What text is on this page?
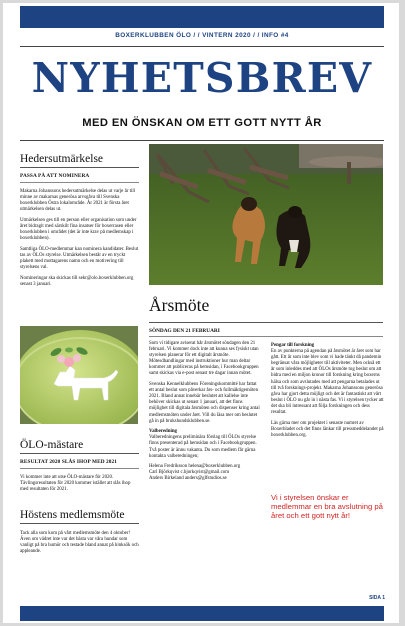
BOXERKLUBBEN ÖLO / / VINTERN 2020 / / INFO #4
NYHETSBREV
MED EN ÖNSKAN OM ETT GOTT NYTT ÅR
Hedersutmärkelse
PASSA PÅ ATT NOMINERA

Makarna Johanssons hedersutmärkelse delas ut varje år till minne av makarnas generösa arvsgåva till Svenska boxerklubben Östra lokalområde. År 2021 är första året utmärkelsen delas ut.

Utmärkelsen ges till en person eller organisation som under året bidragit med särskilt fina insatser för boxerrasen eller boxerklubben i området (det är inte krav på medlemskap i boxerklubben).

Samtliga ÖLO-medlemmar kan nominera kandidater. Beslut tas av ÖLOs styrelse. Utmärkelsen består av en tryckt plakett med mottagarens namn och en motivering till styrelsens val.

Nomineringar ska skickas till sekr@olo.boxerklubben.org senast 3 januari.

ÖLO-mästare
RESULTAT 2020 SLÅS IHOP MED 2021

Vi kommer inte att utse ÖLO-mästare för 2020. Tävlingsresultaten för 2020 kommer istället att slås ihop med resultaten för 2021.

Höstens medlemsmöte

Tack alla som kom på vårt medlemsmöte den 4 oktober! Även om vädret inte var det bästa var våra hundar som vanligt på bra humör och testade bland annat på hinksök och appleande.

Årsmöte
SÖNDAG DEN 21 FEBRUARI

Som vi tidigare aviserat hår årsmötet söndagen den 21 februari. Vi kommer dock inte att kunna ses fysiskt utan styrelsen planerar för ett digitalt årsmöte. Mötesdhandlingar med instruktioner hur man deltar kommer att publiceras på hemsidan, i Facebookgruppen samt skickas via e-post senast tre dagar innan mötet.

Svenska Kennelklubbens Föreningskommitté har fattat ett antal beslut som påverkar års- och fullmäktigemöten 2021. Bland annat innebär beslutet att kallelse inte behöver skickas ut senast 1 januari, att det finns möjlighet till digitala årsmöten och dispenser kring antal medlemsmöten under året. Vill du läsa mer om beslutet gå in på brukshundsklubben.se.

Valberedning

Valberedningens preliminära förslag till ÖLOs styrelse finns presenterad på hemsidan och i Facebookgruppen. Två poster är ännu vakanta. Du som medlem får gärna kontakta valberedningen;

Helena Fredriksson helena@boxerklubben.org

Carl Björkqvist c.bjorkqvist@gmail.com

Anders Birkeland anders@glfstudios.se

Pengar till forskning

En av punkterna på agendan på årsmötet är året som har gått. Ett år som inte blev som vi hade tänkt då pandemin begränsat våra möjligheter till aktiviteter. Men också ett år som inleddes med att ÖLOs årsmöte tog beslut om att bidra med en miljon kronor till forskning kring boxerns hälsa och som avslutades med att pengarna betalades ut till två forsknings-projekt. Makarna Johanssons generösa gåva har gjort detta möjligt och det är fantastiskt att vårt beslut i ÖLO nu går in i nästa fas. Vi i styrelsen tycker att det ska bli intressant att följa forskningen och dess resultat.

Läs gärna mer om projektet i senaste numret av Boxerbladet och det finns länkar till pressmeddelandet på boxerklubben.org.

Vi i styrelsen önskar er medlemmar en bra avslutning på året och ett gott nytt år!
SIDA 1
